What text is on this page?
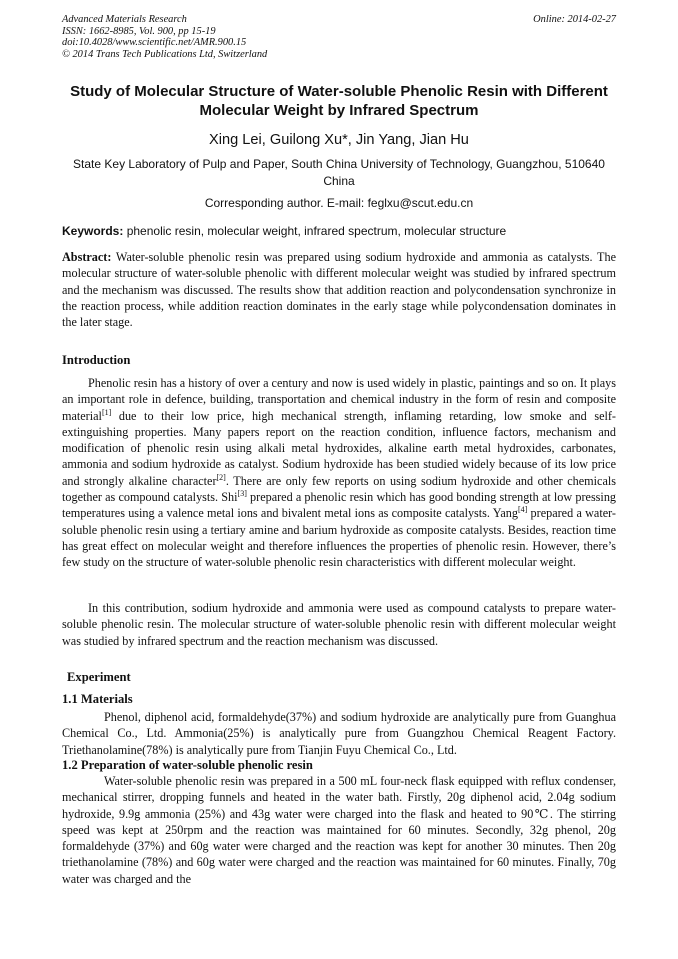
Advanced Materials Research
ISSN: 1662-8985, Vol. 900, pp 15-19
doi:10.4028/www.scientific.net/AMR.900.15
© 2014 Trans Tech Publications Ltd, Switzerland
Online: 2014-02-27
Study of Molecular Structure of Water-soluble Phenolic Resin with Different Molecular Weight by Infrared Spectrum
Xing Lei, Guilong Xu*, Jin Yang, Jian Hu
State Key Laboratory of Pulp and Paper, South China University of Technology, Guangzhou, 510640 China
Corresponding author. E-mail: feglxu@scut.edu.cn
Keywords: phenolic resin, molecular weight, infrared spectrum, molecular structure
Abstract: Water-soluble phenolic resin was prepared using sodium hydroxide and ammonia as catalysts. The molecular structure of water-soluble phenolic with different molecular weight was studied by infrared spectrum and the mechanism was discussed. The results show that addition reaction and polycondensation synchronize in the reaction process, while addition reaction dominates in the early stage while polycondensation dominates in the later stage.
Introduction
Phenolic resin has a history of over a century and now is used widely in plastic, paintings and so on. It plays an important role in defence, building, transportation and chemical industry in the form of resin and composite material[1] due to their low price, high mechanical strength, inflaming retarding, low smoke and self-extinguishing properties. Many papers report on the reaction condition, influence factors, mechanism and modification of phenolic resin using alkali metal hydroxides, alkaline earth metal hydroxides, carbonates, ammonia and sodium hydroxide as catalyst. Sodium hydroxide has been studied widely because of its low price and strongly alkaline character[2]. There are only few reports on using sodium hydroxide and other chemicals together as compound catalysts. Shi[3] prepared a phenolic resin which has good bonding strength at low pressing temperatures using a valence metal ions and bivalent metal ions as composite catalysts. Yang[4] prepared a water-soluble phenolic resin using a tertiary amine and barium hydroxide as composite catalysts. Besides, reaction time has great effect on molecular weight and therefore influences the properties of phenolic resin. However, there’s few study on the structure of water-soluble phenolic resin characteristics with different molecular weight.
In this contribution, sodium hydroxide and ammonia were used as compound catalysts to prepare water-soluble phenolic resin. The molecular structure of water-soluble phenolic resin with different molecular weight was studied by infrared spectrum and the reaction mechanism was discussed.
Experiment
1.1 Materials
Phenol, diphenol acid, formaldehyde(37%) and sodium hydroxide are analytically pure from Guanghua Chemical Co., Ltd. Ammonia(25%) is analytically pure from Guangzhou Chemical Reagent Factory. Triethanolamine(78%) is analytically pure from Tianjin Fuyu Chemical Co., Ltd.
1.2 Preparation of water-soluble phenolic resin
Water-soluble phenolic resin was prepared in a 500 mL four-neck flask equipped with reflux condenser, mechanical stirrer, dropping funnels and heated in the water bath. Firstly, 20g diphenol acid, 2.04g sodium hydroxide, 9.9g ammonia (25%) and 43g water were charged into the flask and heated to 90℃. The stirring speed was kept at 250rpm and the reaction was maintained for 60 minutes. Secondly, 32g phenol, 20g formaldehyde (37%) and 60g water were charged and the reaction was kept for another 30 minutes. Then 20g triethanolamine (78%) and 60g water were charged and the reaction was maintained for 60 minutes. Finally, 70g water was charged and the
